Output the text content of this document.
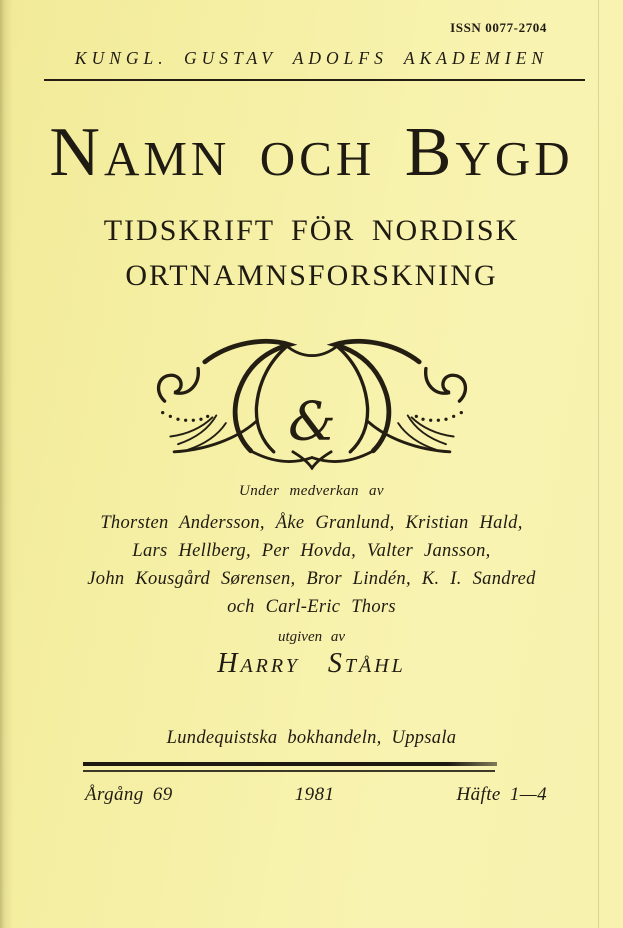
ISSN 0077-2704
KUNGL. GUSTAV ADOLFS AKADEMIEN
Namn och Bygd
TIDSKRIFT FÖR NORDISK
ORTNAMNSFORSKNING
&
Under medverkan av
Thorsten Andersson, Åke Granlund, Kristian Hald,
Lars Hellberg, Per Hovda, Valter Jansson,
John Kousgård Sørensen, Bror Lindén, K. I. Sandred
och Carl-Eric Thors
utgiven av
Harry Ståhl
Lundequistska bokhandeln, Uppsala
Årgång 69	1981	Häfte 1—4
